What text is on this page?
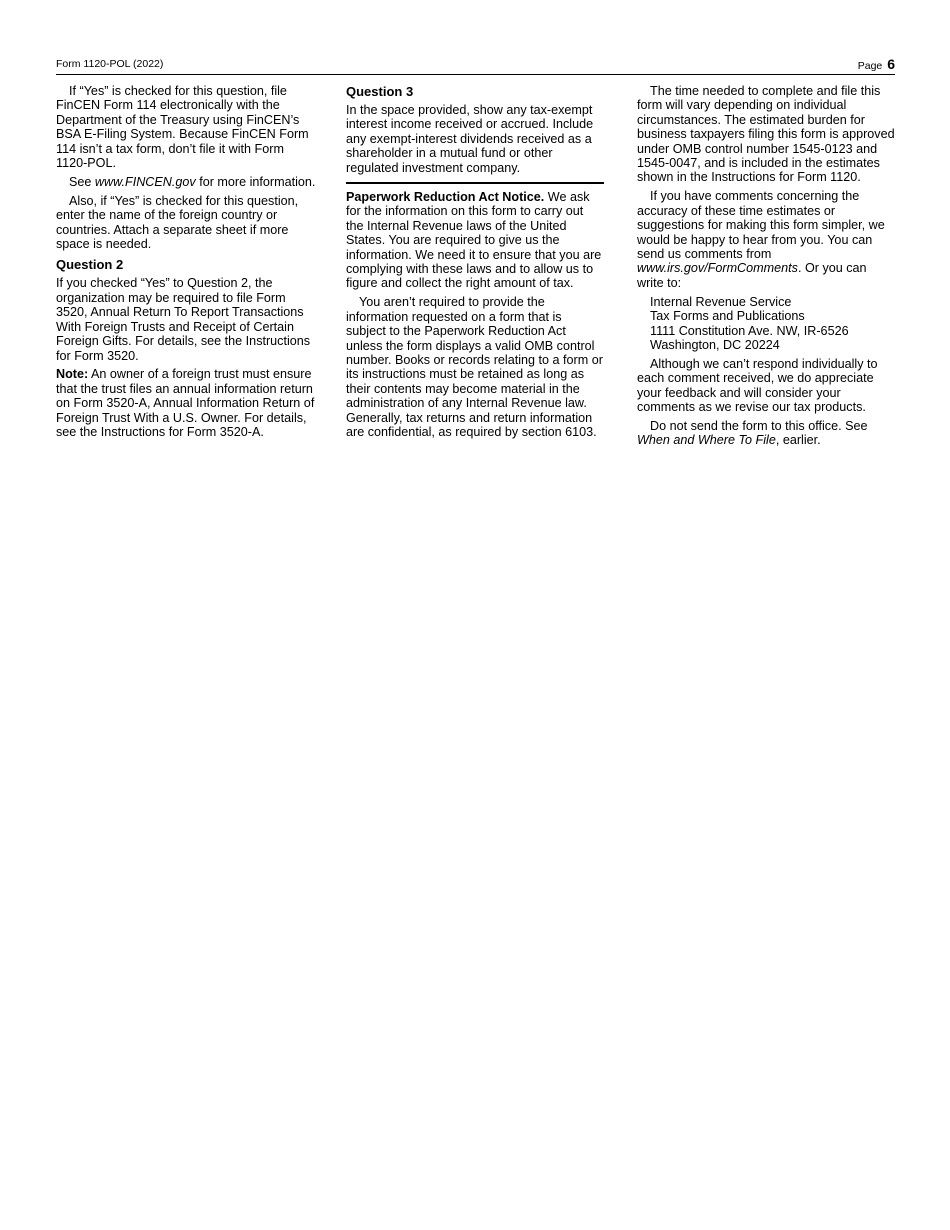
Form 1120-POL (2022)	Page 6

If “Yes” is checked for this question, file FinCEN Form 114 electronically with the Department of the Treasury using FinCEN’s BSA E-Filing System. Because FinCEN Form 114 isn’t a tax form, don’t file it with Form 1120-POL.

See www.FINCEN.gov for more information.

Also, if “Yes” is checked for this question, enter the name of the foreign country or countries. Attach a separate sheet if more space is needed.

Question 2

If you checked “Yes” to Question 2, the organization may be required to file Form 3520, Annual Return To Report Transactions With Foreign Trusts and Receipt of Certain Foreign Gifts. For details, see the Instructions for Form 3520.

Note: An owner of a foreign trust must ensure that the trust files an annual information return on Form 3520-A, Annual Information Return of Foreign Trust With a U.S. Owner. For details, see the Instructions for Form 3520-A.

Question 3

In the space provided, show any tax-exempt interest income received or accrued. Include any exempt-interest dividends received as a shareholder in a mutual fund or other regulated investment company.

Paperwork Reduction Act Notice. We ask for the information on this form to carry out the Internal Revenue laws of the United States. You are required to give us the information. We need it to ensure that you are complying with these laws and to allow us to figure and collect the right amount of tax.

You aren’t required to provide the information requested on a form that is subject to the Paperwork Reduction Act unless the form displays a valid OMB control number. Books or records relating to a form or its instructions must be retained as long as their contents may become material in the administration of any Internal Revenue law. Generally, tax returns and return information are confidential, as required by section 6103.

The time needed to complete and file this form will vary depending on individual circumstances. The estimated burden for business taxpayers filing this form is approved under OMB control number 1545-0123 and 1545-0047, and is included in the estimates shown in the Instructions for Form 1120.

If you have comments concerning the accuracy of these time estimates or suggestions for making this form simpler, we would be happy to hear from you. You can send us comments from www.irs.gov/FormComments. Or you can write to:

Internal Revenue Service
Tax Forms and Publications
1111 Constitution Ave. NW, IR-6526
Washington, DC 20224

Although we can’t respond individually to each comment received, we do appreciate your feedback and will consider your comments as we revise our tax products.

Do not send the form to this office. See When and Where To File, earlier.
